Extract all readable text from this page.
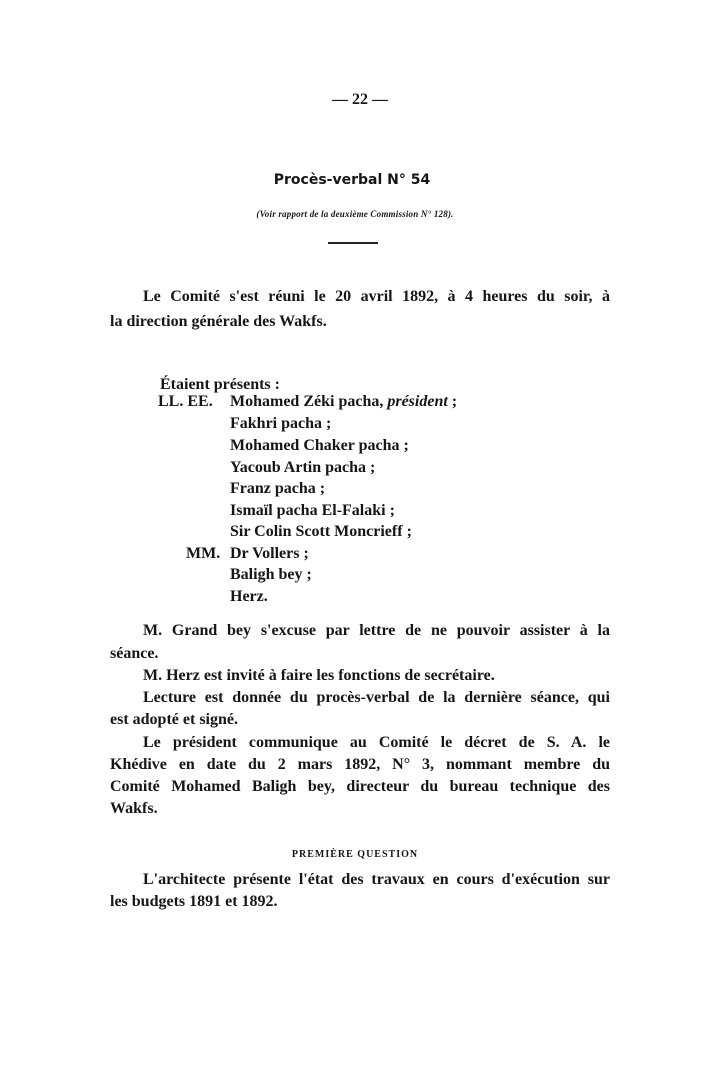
— 22 —
Procès-verbal N° 54
(Voir rapport de la deuxième Commission N° 128).
Le Comité s'est réuni le 20 avril 1892, à 4 heures du soir, à
la direction générale des Wakfs.
Étaient présents :
LL. EE. Mohamed Zéki pacha, président ;
Fakhri pacha ;
Mohamed Chaker pacha ;
Yacoub Artin pacha ;
Franz pacha ;
Ismaïl pacha El-Falaki ;
Sir Colin Scott Moncrieff ;
MM. Dr Vollers ;
Baligh bey ;
Herz.
M. Grand bey s'excuse par lettre de ne pouvoir assister à la
séance.
M. Herz est invité à faire les fonctions de secrétaire.
Lecture est donnée du procès-verbal de la dernière séance, qui
est adopté et signé.
Le président communique au Comité le décret de S. A. le
Khédive en date du 2 mars 1892, N° 3, nommant membre du
Comité Mohamed Baligh bey, directeur du bureau technique des
Wakfs.
PREMIÈRE QUESTION
L'architecte présente l'état des travaux en cours d'exécution sur
les budgets 1891 et 1892.
